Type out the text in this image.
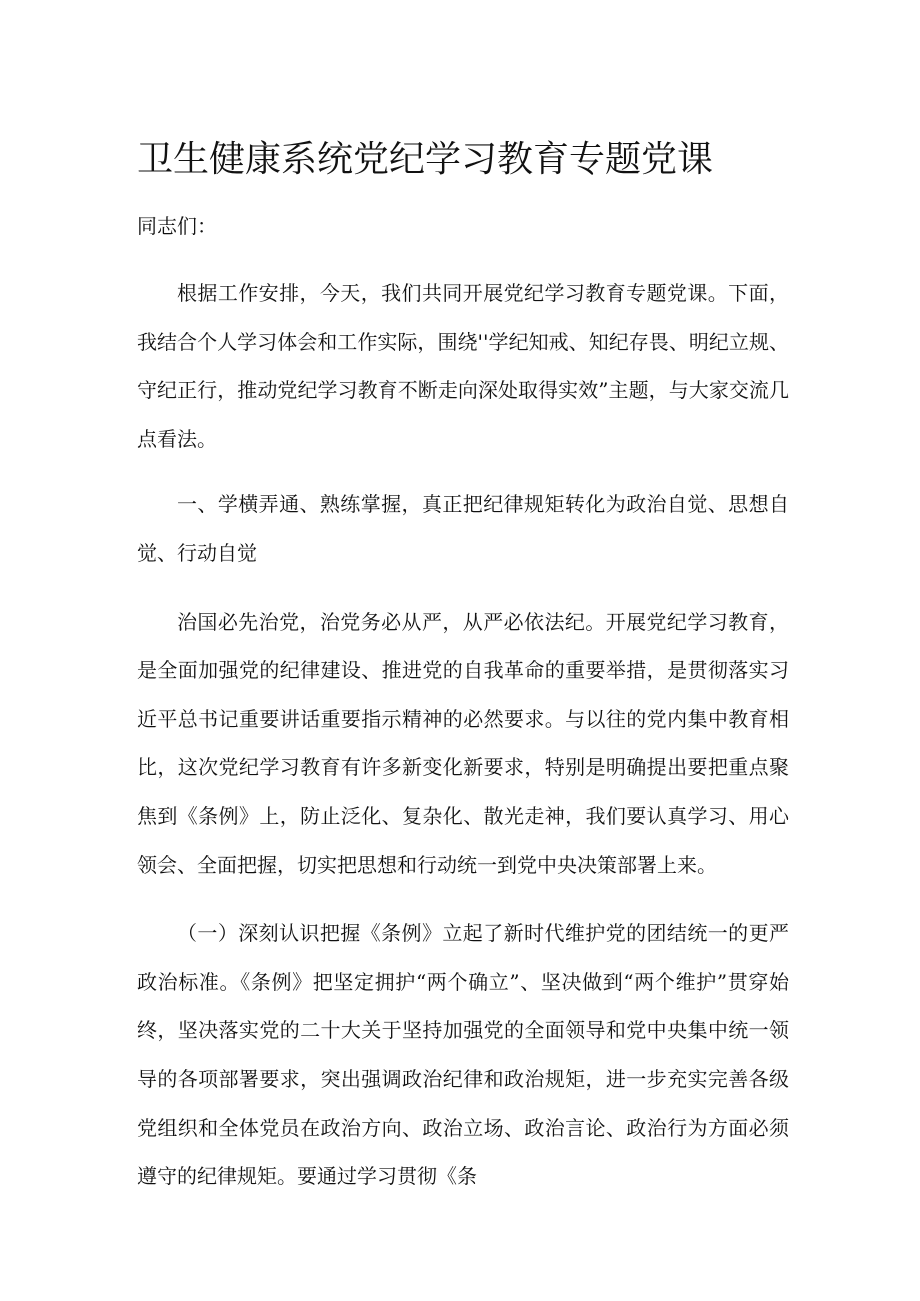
卫生健康系统党纪学习教育专题党课

同志们：

根据工作安排，今天，我们共同开展党纪学习教育专题党课。下面，我结合个人学习体会和工作实际，围绕''学纪知戒、知纪存畏、明纪立规、守纪正行，推动党纪学习教育不断走向深处取得实效”主题，与大家交流几点看法。

一、学横弄通、熟练掌握，真正把纪律规矩转化为政治自觉、思想自觉、行动自觉

治国必先治党，治党务必从严，从严必依法纪。开展党纪学习教育，是全面加强党的纪律建设、推进党的自我革命的重要举措，是贯彻落实习近平总书记重要讲话重要指示精神的必然要求。与以往的党内集中教育相比，这次党纪学习教育有许多新变化新要求，特别是明确提出要把重点聚焦到《条例》上，防止泛化、复杂化、散光走神，我们要认真学习、用心领会、全面把握，切实把思想和行动统一到党中央决策部署上来。

（一）深刻认识把握《条例》立起了新时代维护党的团结统一的更严政治标准。《条例》把坚定拥护“两个确立”、坚决做到“两个维护”贯穿始终，坚决落实党的二十大关于坚持加强党的全面领导和党中央集中统一领导的各项部署要求，突出强调政治纪律和政治规矩，进一步充实完善各级党组织和全体党员在政治方向、政治立场、政治言论、政治行为方面必须遵守的纪律规矩。要通过学习贯彻《条
